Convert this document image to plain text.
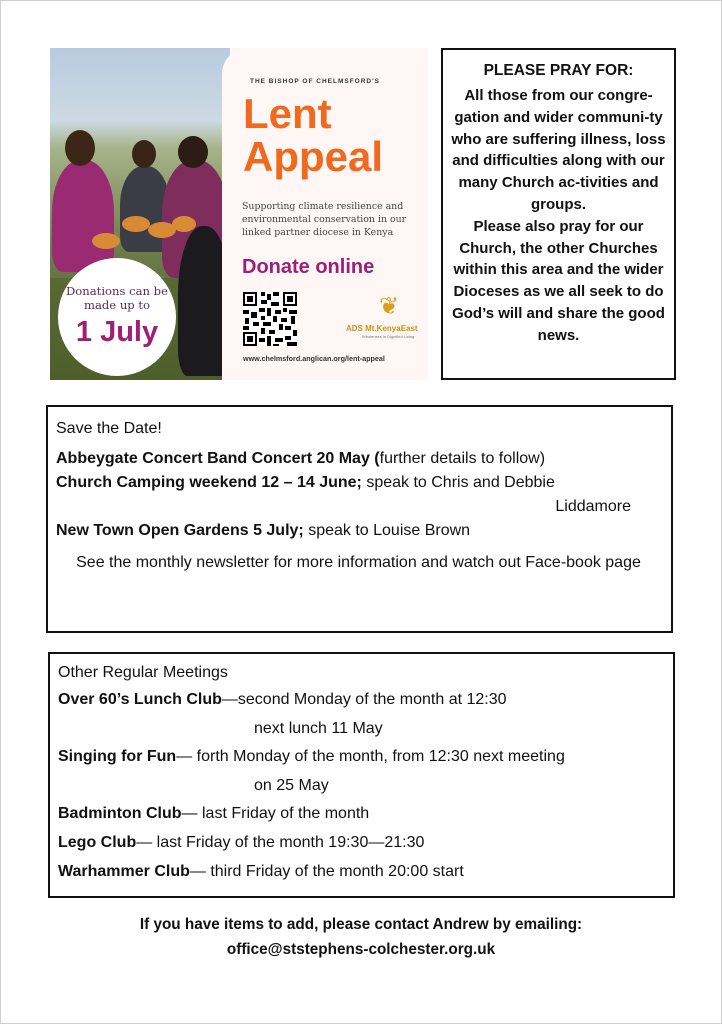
THE BISHOP OF CHELMSFORD'S
Lent
Appeal
Supporting climate resilience and environmental conservation in our linked partner diocese in Kenya
Donate online
❦
ADS Mt.KenyaEast
Wholeness in Dignified Living
www.chelmsford.anglican.org/lent-appeal
Donations can be made up to
1 July
PLEASE PRAY FOR:
All those from our congre-gation and wider communi-ty who are suffering illness, loss and difficulties along with our many Church ac-tivities and groups.
Please also pray for our Church, the other Churches within this area and the wider Dioceses as we all seek to do God’s will and share the good news.
Save the Date!
Abbeygate Concert Band Concert 20 May (further details to follow)
Church Camping weekend 12 – 14 June; speak to Chris and Debbie
Liddamore
New Town Open Gardens 5 July; speak to Louise Brown
See the monthly newsletter for more information and watch out Face-book page
Other Regular Meetings
Over 60’s Lunch Club—second Monday of the month at 12:30
next lunch 11 May
Singing for Fun— forth Monday of the month, from 12:30 next meeting
on 25 May
Badminton Club— last Friday of the month
Lego Club— last Friday of the month 19:30—21:30
Warhammer Club— third Friday of the month 20:00 start
If you have items to add, please contact Andrew by emailing:
office@ststephens-colchester.org.uk
